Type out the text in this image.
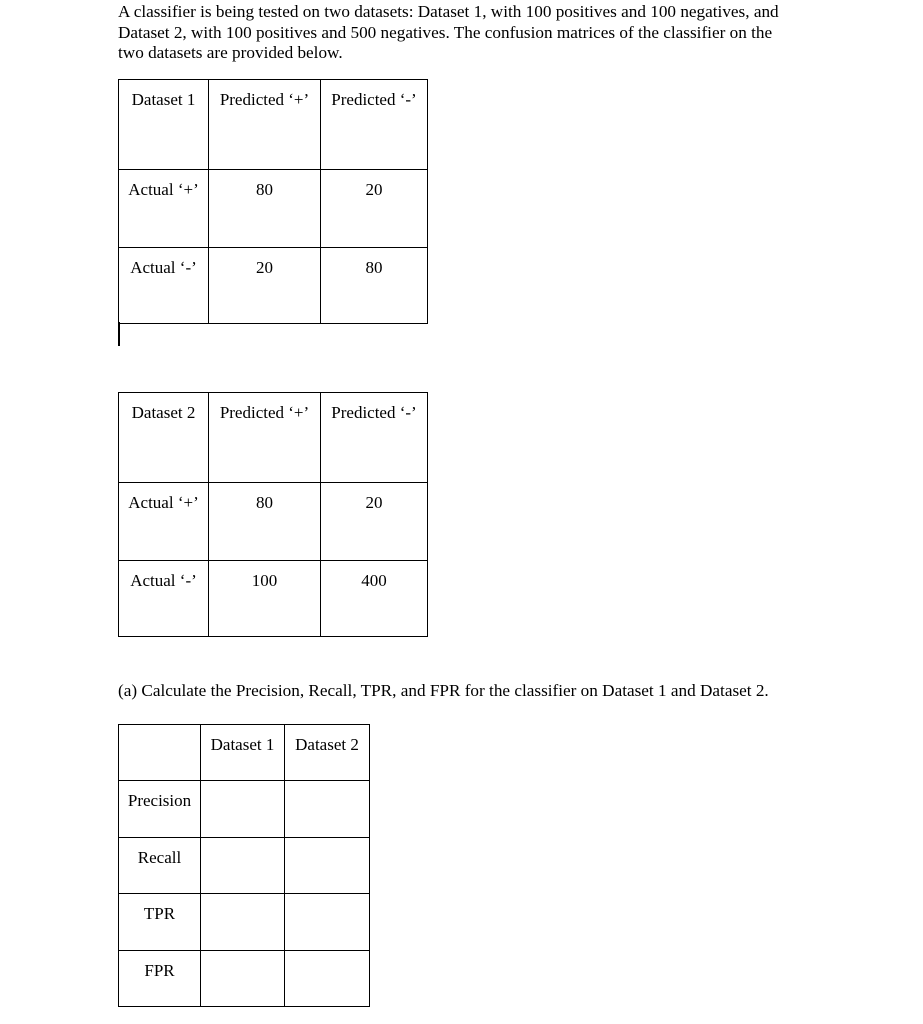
A classifier is being tested on two datasets: Dataset 1, with 100 positives and 100 negatives, and
Dataset 2, with 100 positives and 500 negatives. The confusion matrices of the classifier on the
two datasets are provided below.

Dataset 1	Predicted ‘+’	Predicted ‘-’
Actual ‘+’	80	20
Actual ‘-’	20	80
Dataset 2	Predicted ‘+’	Predicted ‘-’
Actual ‘+’	80	20
Actual ‘-’	100	400

(a) Calculate the Precision, Recall, TPR, and FPR for the classifier on Dataset 1 and Dataset 2.

	Dataset 1	Dataset 2
Precision		
Recall		
TPR		
FPR		
